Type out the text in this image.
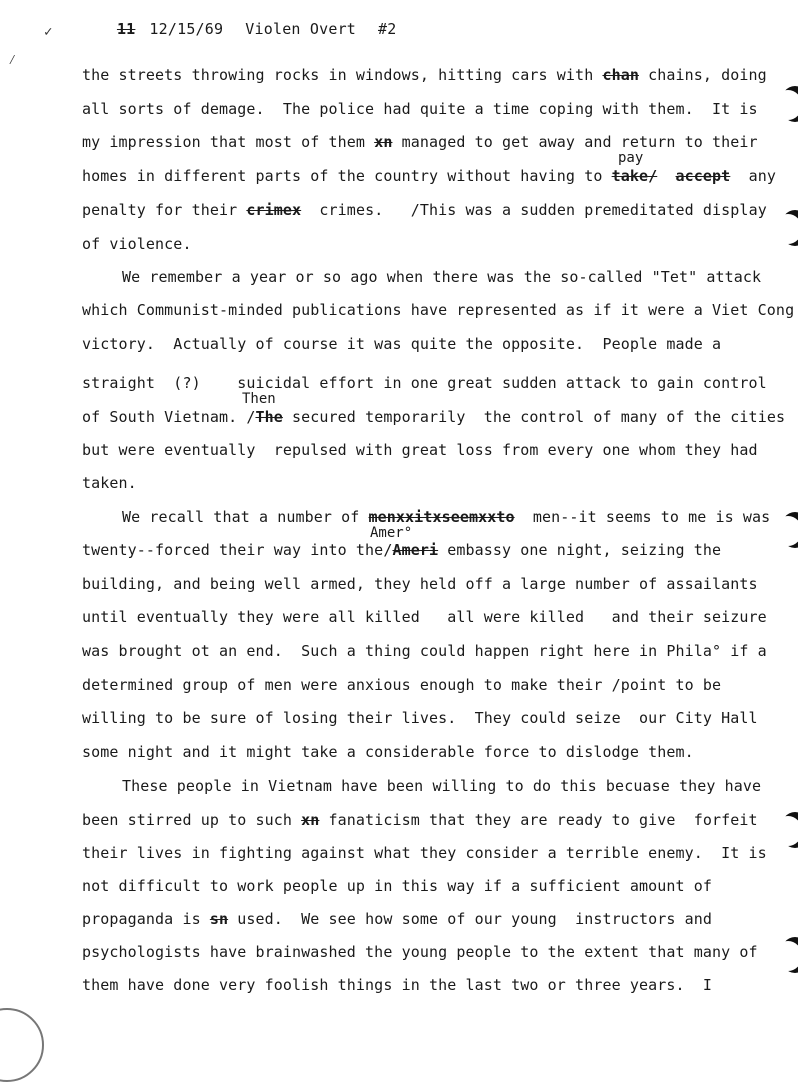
11 12/15/69 Violen Overt #2

✓
⁄
pay
Then
Amer°
the streets throwing rocks in windows, hitting cars with chan chains, doing
all sorts of demage.  The police had quite a time coping with them.  It is
my impression that most of them xn managed to get away and return to their
homes in different parts of the country without having to take/ accept  any
penalty for their crimex  crimes.   /This was a sudden premeditated display
of violence.
We remember a year or so ago when there was the so-called "Tet" attack
which Communist-minded publications have represented as if it were a Viet Cong
victory.  Actually of course it was quite the opposite.  People made a
straight  (?)    suicidal effort in one great sudden attack to gain control
of South Vietnam. /The secured temporarily  the control of many of the cities
but were eventually  repulsed with great loss from every one whom they had
taken.
We recall that a number of menxxitxseemxxto  men--it seems to me is was
twenty--forced their way into the/Ameri embassy one night, seizing the
building, and being well armed, they held off a large number of assailants
until eventually they were all killed   all were killed   and their seizure
was brought ot an end.  Such a thing could happen right here in Phila° if a
determined group of men were anxious enough to make their /point to be
willing to be sure of losing their lives.  They could seize  our City Hall
some night and it might take a considerable force to dislodge them.
These people in Vietnam have been willing to do this becuase they have
been stirred up to such xn fanaticism that they are ready to give  forfeit
their lives in fighting against what they consider a terrible enemy.  It is
not difficult to work people up in this way if a sufficient amount of
propaganda is sn used.  We see how some of our young  instructors and
psychologists have brainwashed the young people to the extent that many of
them have done very foolish things in the last two or three years.  I
